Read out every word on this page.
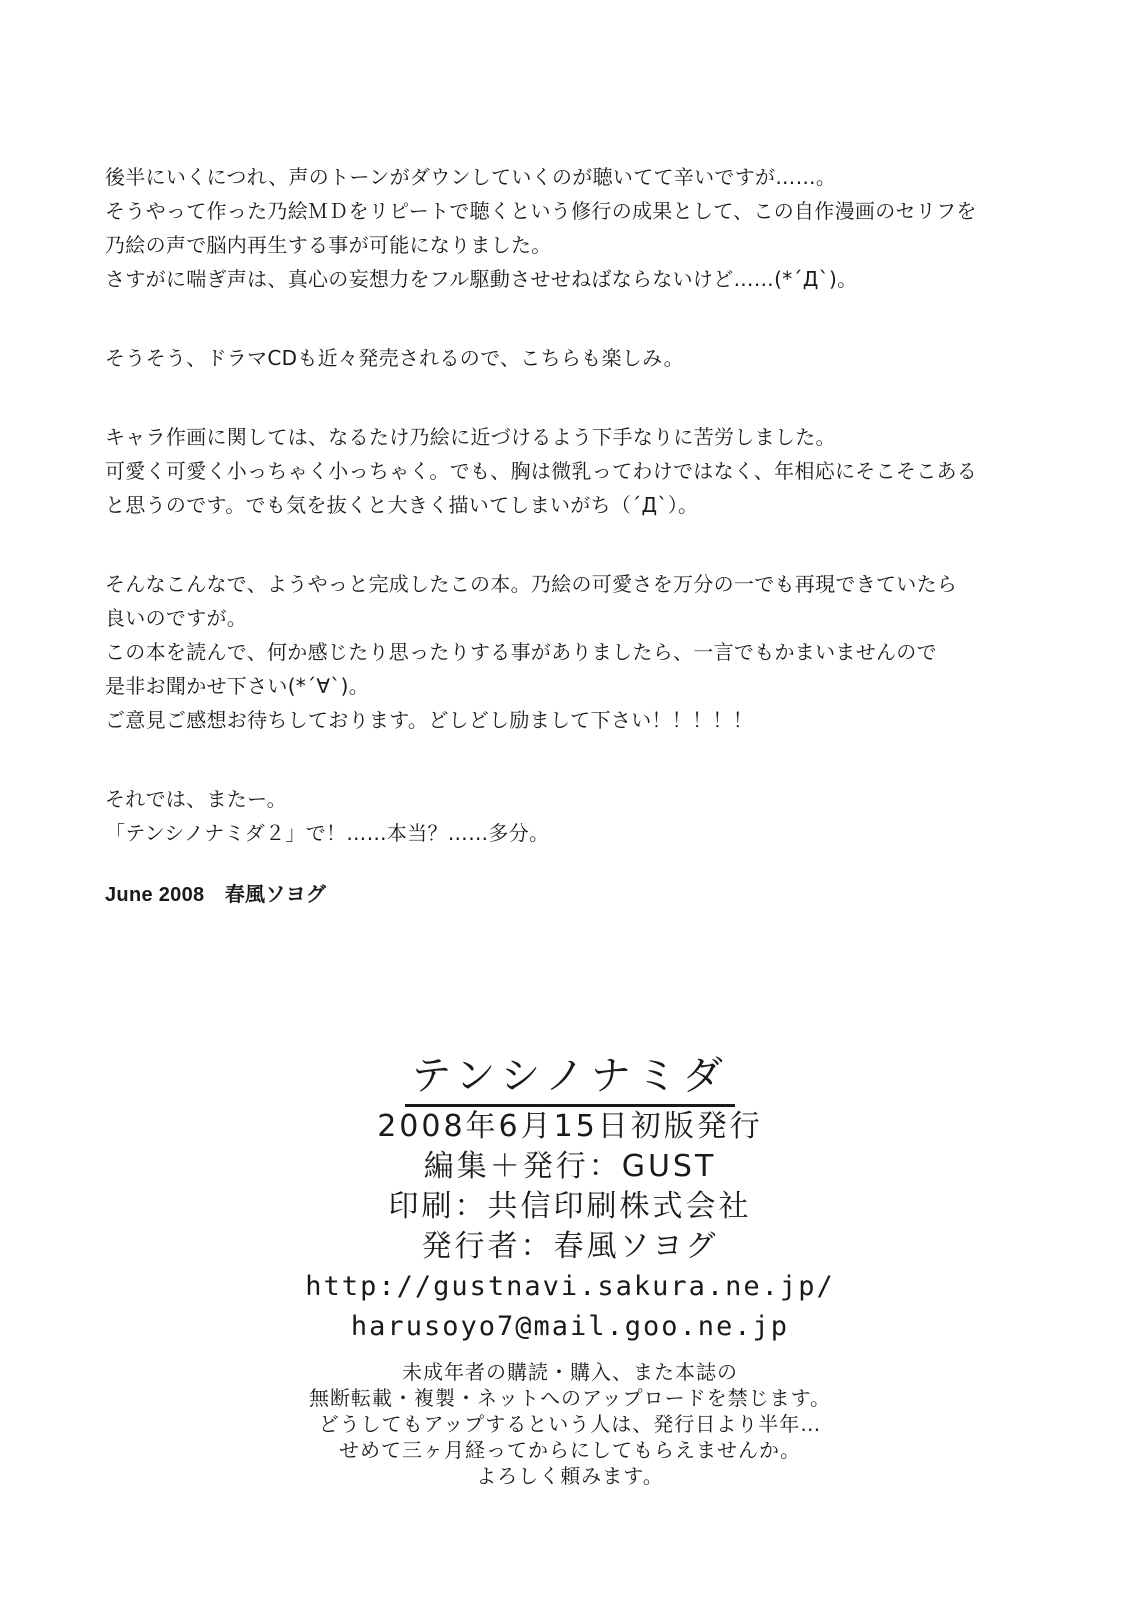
後半にいくにつれ、声のトーンがダウンしていくのが聴いてて辛いですが……。
そうやって作った乃絵ＭＤをリピートで聴くという修行の成果として、この自作漫画のセリフを
乃絵の声で脳内再生する事が可能になりました。
さすがに喘ぎ声は、真心の妄想力をフル駆動させせねばならないけど……(*´Д`)。
そうそう、ドラマCDも近々発売されるので、こちらも楽しみ。
キャラ作画に関しては、なるたけ乃絵に近づけるよう下手なりに苦労しました。
可愛く可愛く小っちゃく小っちゃく。でも、胸は微乳ってわけではなく、年相応にそこそこある
と思うのです。でも気を抜くと大きく描いてしまいがち（´Д`）。
そんなこんなで、ようやっと完成したこの本。乃絵の可愛さを万分の一でも再現できていたら
良いのですが。
この本を読んで、何か感じたり思ったりする事がありましたら、一言でもかまいませんので
是非お聞かせ下さい(*´∀`)。
ご意見ご感想お待ちしております。どしどし励まして下さい！！！！！
それでは、またー。
「テンシノナミダ２」で！……本当？……多分。
June 2008　春風ソヨグ
テンシノナミダ
2008年6月15日初版発行
編集＋発行：GUST
印刷：共信印刷株式会社
発行者：春風ソヨグ
http://gustnavi.sakura.ne.jp/
harusoyo7@mail.goo.ne.jp
未成年者の購読・購入、また本誌の
無断転載・複製・ネットへのアップロードを禁じます。
どうしてもアップするという人は、発行日より半年…
せめて三ヶ月経ってからにしてもらえませんか。
よろしく頼みます。
